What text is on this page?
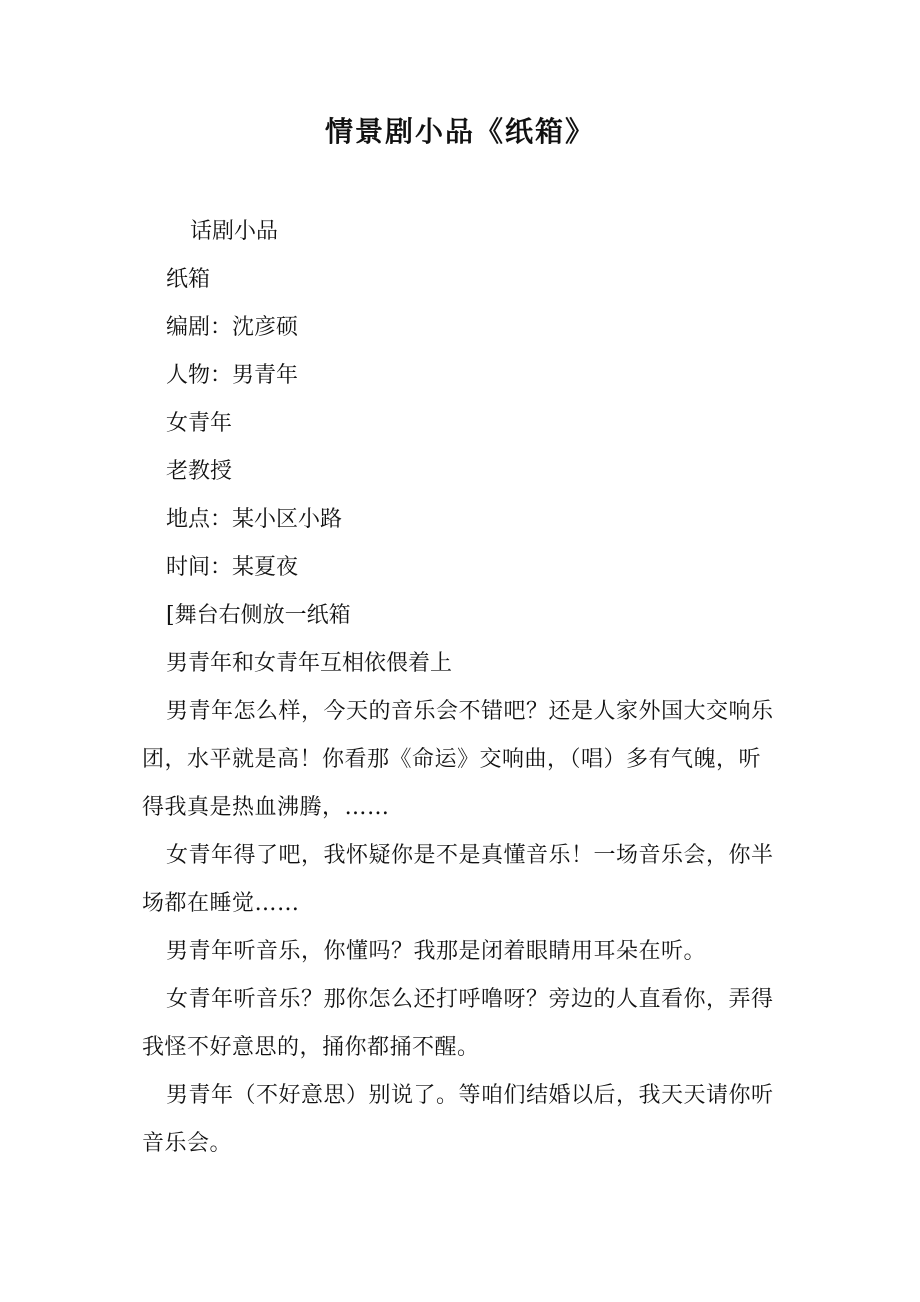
情景剧小品《纸箱》
话剧小品
纸箱
编剧：沈彦硕
人物：男青年
女青年
老教授
地点：某小区小路
时间：某夏夜
[舞台右侧放一纸箱
男青年和女青年互相依偎着上
男青年怎么样，今天的音乐会不错吧？还是人家外国大交响乐团，水平就是高！你看那《命运》交响曲，（唱）多有气魄，听得我真是热血沸腾，……
女青年得了吧，我怀疑你是不是真懂音乐！一场音乐会，你半场都在睡觉……
男青年听音乐，你懂吗？我那是闭着眼睛用耳朵在听。
女青年听音乐？那你怎么还打呼噜呀？旁边的人直看你，弄得我怪不好意思的，捅你都捅不醒。
男青年（不好意思）别说了。等咱们结婚以后，我天天请你听音乐会。
